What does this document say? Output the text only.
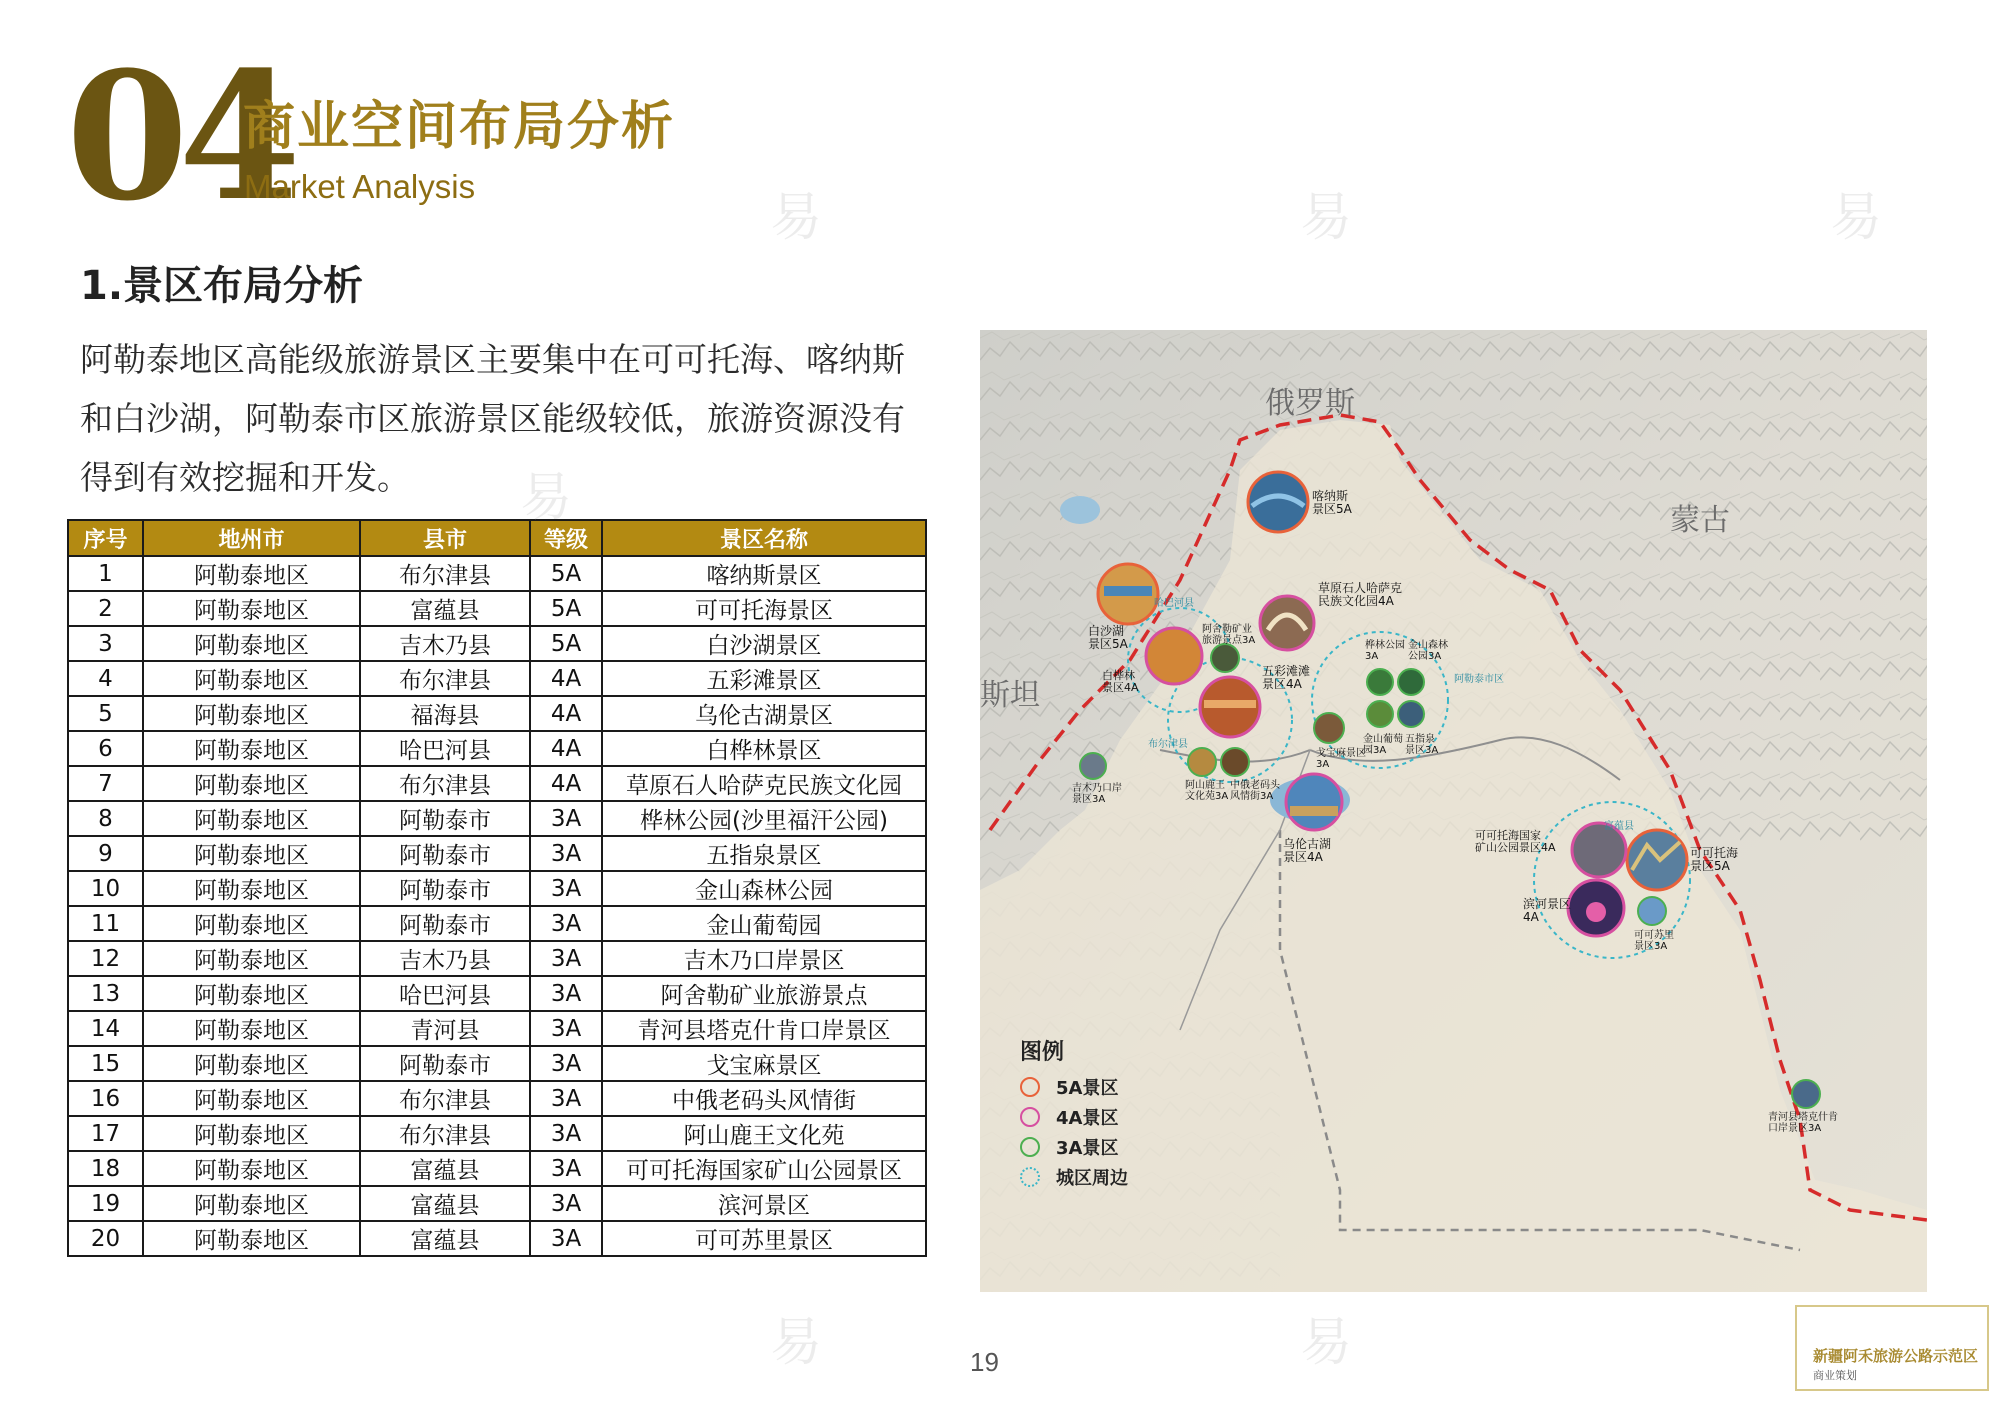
04
商业空间布局分析
Market Analysis
1.景区布局分析
阿勒泰地区高能级旅游景区主要集中在可可托海、喀纳斯和白沙湖，阿勒泰市区旅游景区能级较低，旅游资源没有得到有效挖掘和开发。
序号	地州市	县市	等级	景区名称
1	阿勒泰地区	布尔津县	5A	喀纳斯景区
2	阿勒泰地区	富蕴县	5A	可可托海景区
3	阿勒泰地区	吉木乃县	5A	白沙湖景区
4	阿勒泰地区	布尔津县	4A	五彩滩景区
5	阿勒泰地区	福海县	4A	乌伦古湖景区
6	阿勒泰地区	哈巴河县	4A	白桦林景区
7	阿勒泰地区	布尔津县	4A	草原石人哈萨克民族文化园
8	阿勒泰地区	阿勒泰市	3A	桦林公园(沙里福汗公园)
9	阿勒泰地区	阿勒泰市	3A	五指泉景区
10	阿勒泰地区	阿勒泰市	3A	金山森林公园
11	阿勒泰地区	阿勒泰市	3A	金山葡萄园
12	阿勒泰地区	吉木乃县	3A	吉木乃口岸景区
13	阿勒泰地区	哈巴河县	3A	阿舍勒矿业旅游景点
14	阿勒泰地区	青河县	3A	青河县塔克什肯口岸景区
15	阿勒泰地区	阿勒泰市	3A	戈宝麻景区
16	阿勒泰地区	布尔津县	3A	中俄老码头风情街
17	阿勒泰地区	布尔津县	3A	阿山鹿王文化苑
18	阿勒泰地区	富蕴县	3A	可可托海国家矿山公园景区
19	阿勒泰地区	富蕴县	3A	滨河景区
20	阿勒泰地区	富蕴县	3A	可可苏里景区
俄罗斯
蒙古
斯坦
喀纳斯
景区5A
白沙湖
景区5A
白桦林
景区4A
草原石人哈萨克
民族文化园4A
五彩滩滩
景区4A
乌伦古湖
景区4A
可可托海国家
矿山公园景区4A	可可托海
景区5A
滨河景区
4A
吉木乃口岸
景区3A
青河县塔克什肯
口岸景区3A
桦林公园
3A
金山森林
公园3A
可可苏里
景区3A
戈宝麻景区
3A
金山葡萄
园3A
五指泉
景区3A
阿山鹿王
文化苑3A
中俄老码头
风情街3A
阿舍勒矿业
旅游景点3A
哈巴河县
布尔津县
阿勒泰市区
富蕴县
图例
5A景区
4A景区
3A景区
城区周边
19	新疆阿禾旅游公路示范区
商业策划
易	易	易
易
易	易
